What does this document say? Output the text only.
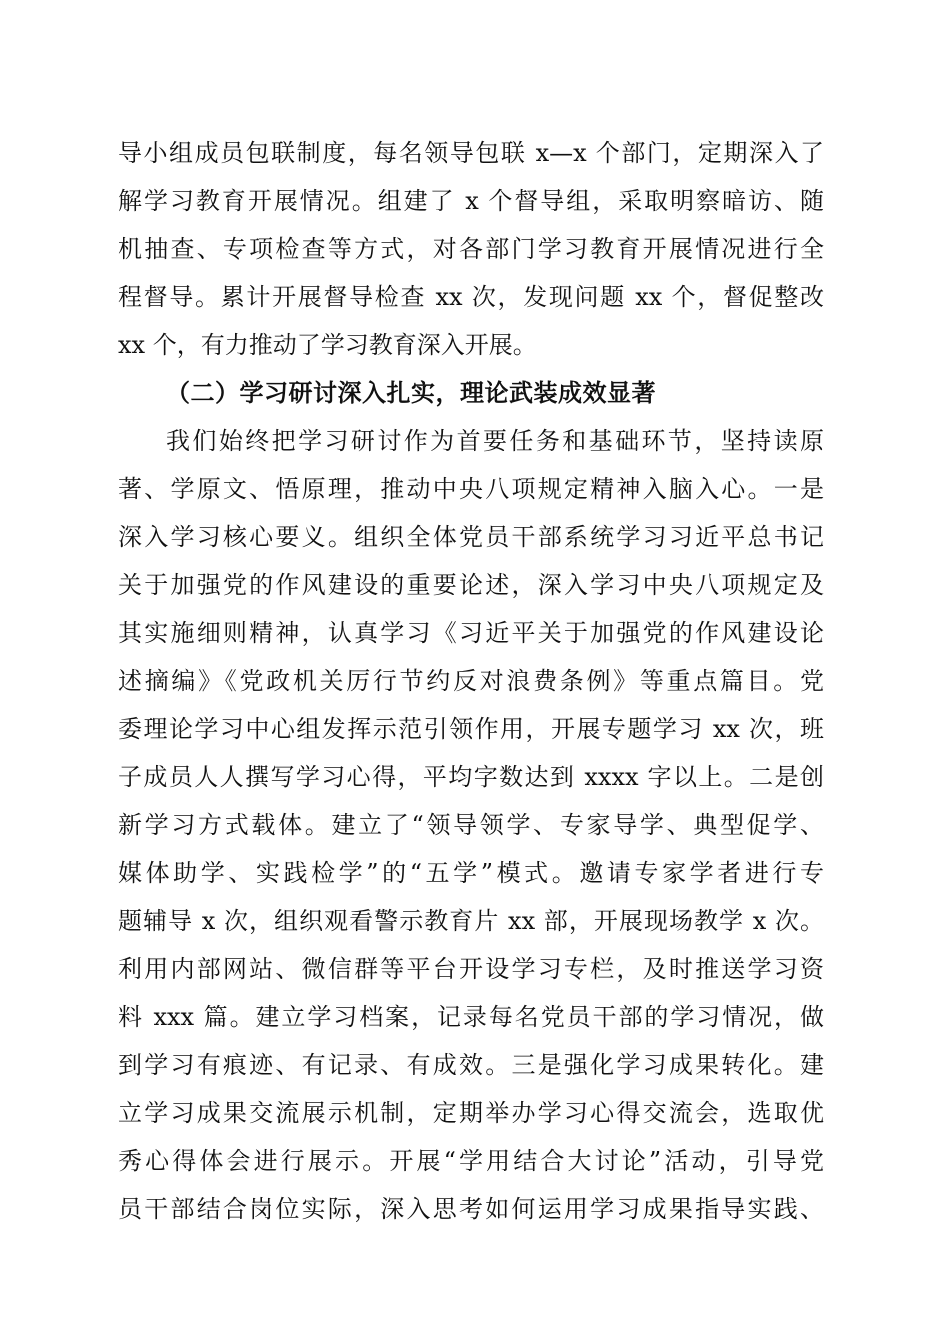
导小组成员包联制度，每名领导包联 x—x 个部门，定期深入了
解学习教育开展情况。组建了 x 个督导组，采取明察暗访、随
机抽查、专项检查等方式，对各部门学习教育开展情况进行全
程督导。累计开展督导检查 xx 次，发现问题 xx 个，督促整改
xx 个，有力推动了学习教育深入开展。
（二）学习研讨深入扎实，理论武装成效显著
我们始终把学习研讨作为首要任务和基础环节，坚持读原
著、学原文、悟原理，推动中央八项规定精神入脑入心。一是
深入学习核心要义。组织全体党员干部系统学习习近平总书记
关于加强党的作风建设的重要论述，深入学习中央八项规定及
其实施细则精神，认真学习《习近平关于加强党的作风建设论
述摘编》《党政机关厉行节约反对浪费条例》等重点篇目。党
委理论学习中心组发挥示范引领作用，开展专题学习 xx 次，班
子成员人人撰写学习心得，平均字数达到 xxxx 字以上。二是创
新学习方式载体。建立了“领导领学、专家导学、典型促学、
媒体助学、实践检学”的“五学”模式。邀请专家学者进行专
题辅导 x 次，组织观看警示教育片 xx 部，开展现场教学 x 次。
利用内部网站、微信群等平台开设学习专栏，及时推送学习资
料 xxx 篇。建立学习档案，记录每名党员干部的学习情况，做
到学习有痕迹、有记录、有成效。三是强化学习成果转化。建
立学习成果交流展示机制，定期举办学习心得交流会，选取优
秀心得体会进行展示。开展“学用结合大讨论”活动，引导党
员干部结合岗位实际，深入思考如何运用学习成果指导实践、
